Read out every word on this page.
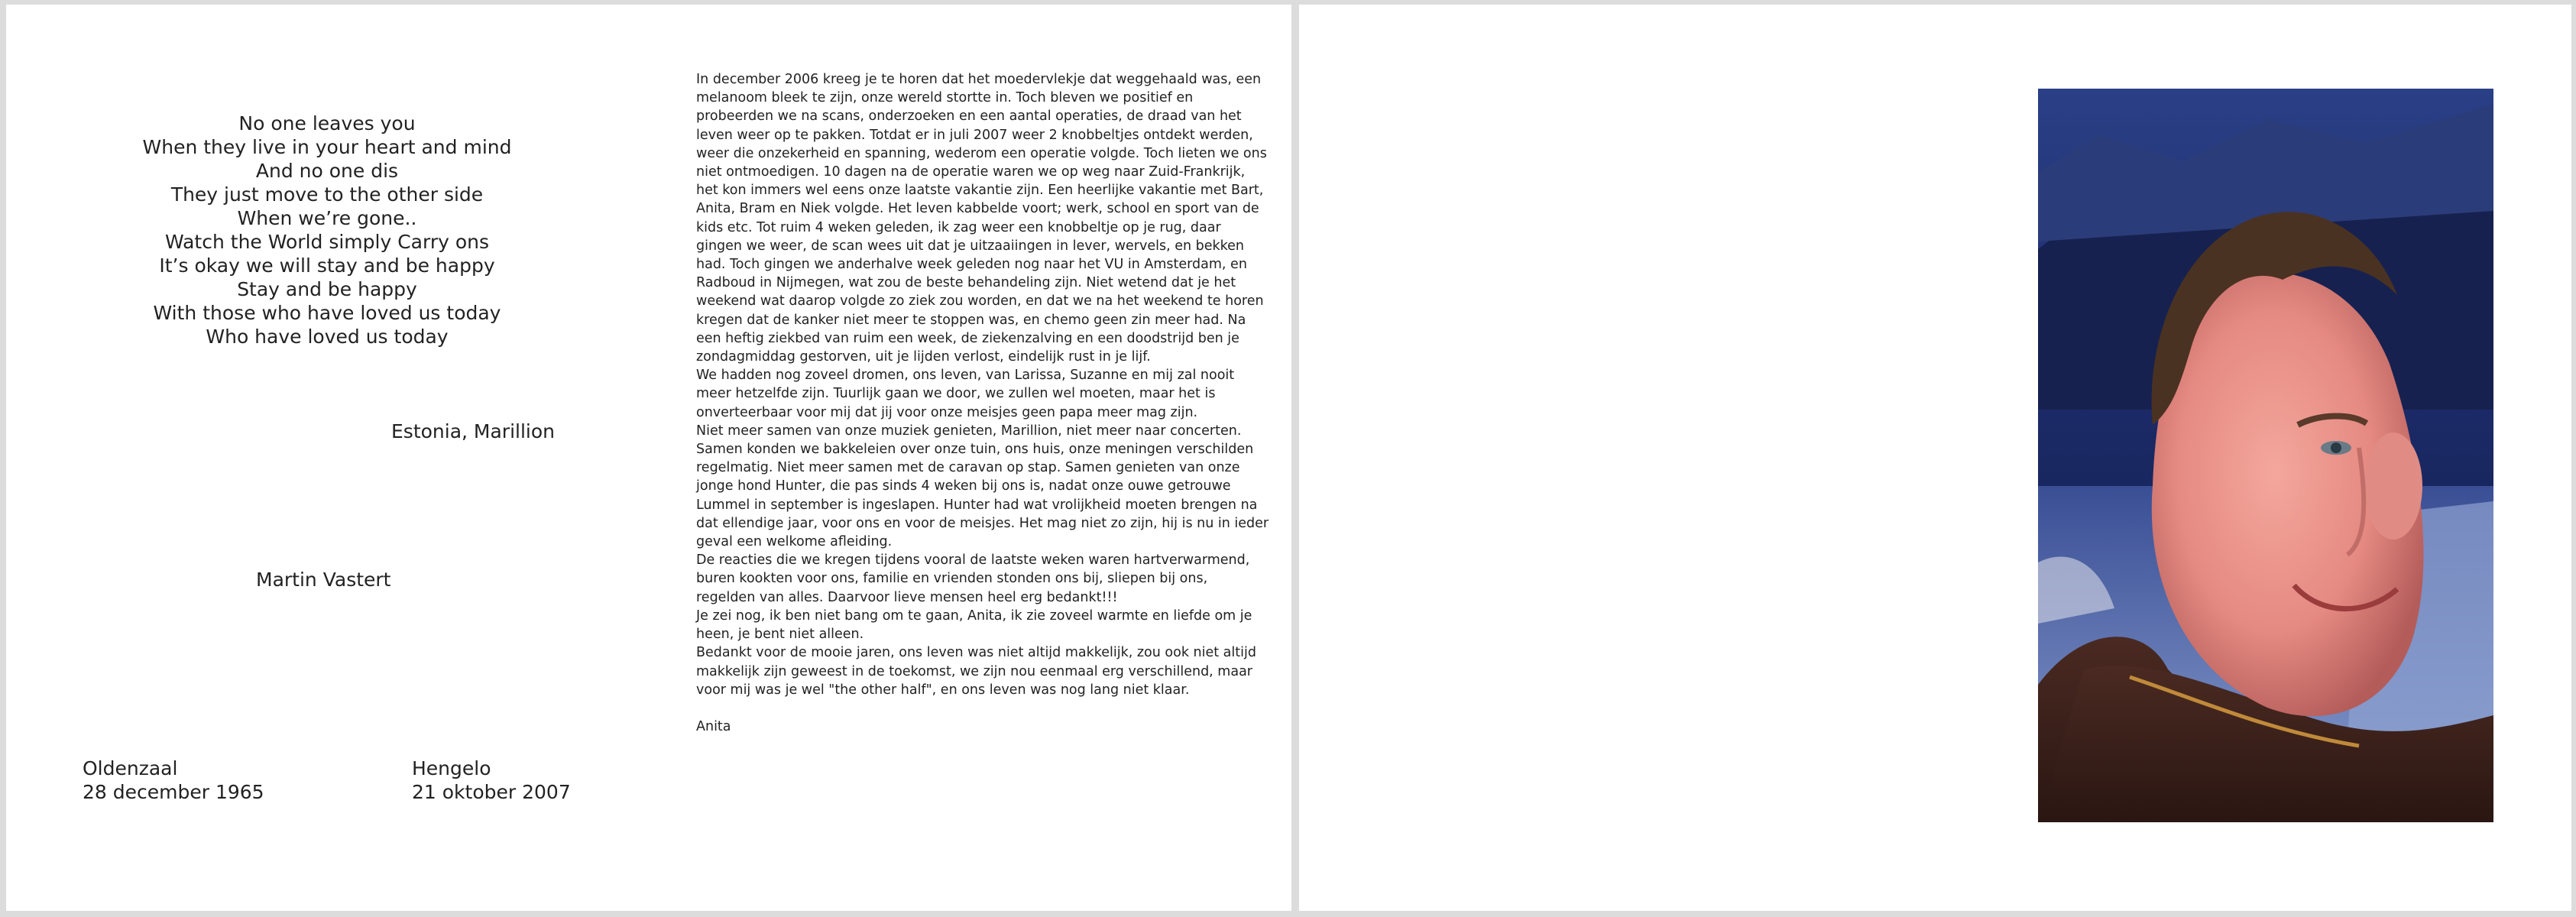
No one leaves you
When they live in your heart and mind
And no one dis
They just move to the other side
When we’re gone..
Watch the World simply Carry ons
It’s okay we will stay and be happy
Stay and be happy
With those who have loved us today
Who have loved us today
Estonia, Marillion
Martin Vastert
Oldenzaal
28 december 1965
Hengelo
21 oktober 2007

In december 2006 kreeg je te horen dat het moedervlekje dat weggehaald was, een melanoom bleek te zijn, onze wereld stortte in. Toch bleven we positief en probeerden we na scans, onderzoeken en een aantal operaties, de draad van het leven weer op te pakken. Totdat er in juli 2007 weer 2 knobbeltjes ontdekt werden, weer die onzekerheid en spanning, wederom een operatie volgde. Toch lieten we ons niet ontmoedigen. 10 dagen na de operatie waren we op weg naar Zuid-Frankrijk, het kon immers wel eens onze laatste vakantie zijn. Een heerlijke vakantie met Bart, Anita, Bram en Niek volgde. Het leven kabbelde voort; werk, school en sport van de kids etc. Tot ruim 4 weken geleden, ik zag weer een knobbeltje op je rug, daar gingen we weer, de scan wees uit dat je uitzaaiingen in lever, wervels, en bekken had. Toch gingen we anderhalve week geleden nog naar het VU in Amsterdam, en Radboud in Nijmegen, wat zou de beste behandeling zijn. Niet wetend dat je het weekend wat daarop volgde zo ziek zou worden, en dat we na het weekend te horen kregen dat de kanker niet meer te stoppen was, en chemo geen zin meer had. Na een heftig ziekbed van ruim een week, de ziekenzalving en een doodstrijd ben je zondagmiddag gestorven, uit je lijden verlost, eindelijk rust in je lijf.

We hadden nog zoveel dromen, ons leven, van Larissa, Suzanne en mij zal nooit meer hetzelfde zijn. Tuurlijk gaan we door, we zullen wel moeten, maar het is onverteerbaar voor mij dat jij voor onze meisjes geen papa meer mag zijn.

Niet meer samen van onze muziek genieten, Marillion, niet meer naar concerten. Samen konden we bakkeleien over onze tuin, ons huis, onze meningen verschilden regelmatig. Niet meer samen met de caravan op stap. Samen genieten van onze jonge hond Hunter, die pas sinds 4 weken bij ons is, nadat onze ouwe getrouwe Lummel in september is ingeslapen. Hunter had wat vrolijkheid moeten brengen na dat ellendige jaar, voor ons en voor de meisjes. Het mag niet zo zijn, hij is nu in ieder geval een welkome afleiding.

De reacties die we kregen tijdens vooral de laatste weken waren hartverwarmend, buren kookten voor ons, familie en vrienden stonden ons bij, sliepen bij ons, regelden van alles. Daarvoor lieve mensen heel erg bedankt!!!

Je zei nog, ik ben niet bang om te gaan, Anita, ik zie zoveel warmte en liefde om je heen, je bent niet alleen.

Bedankt voor de mooie jaren, ons leven was niet altijd makkelijk, zou ook niet altijd makkelijk zijn geweest in de toekomst, we zijn nou eenmaal erg verschillend, maar voor mij was je wel "the other half", en ons leven was nog lang niet klaar.

Anita
